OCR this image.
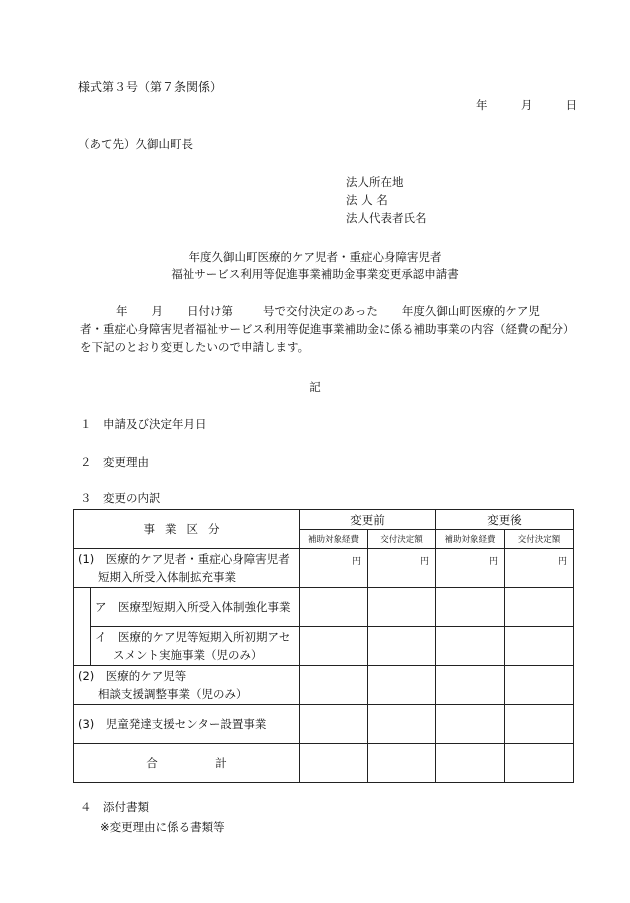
様式第３号（第７条関係）
年	月	日
（あて先）久御山町長
法人所在地
法 人 名
法人代表者氏名
年度久御山町医療的ケア児者・重症心身障害児者
福祉サービス利用等促進事業補助金事業変更承認申請書
年 月 日付け第	号で交付決定のあった 年度久御山町医療的ケア児
者・重症心身障害児者福祉サービス利用等促進事業補助金に係る補助事業の内容（経費の配分）
を下記のとおり変更したいので申請します。
記
１　申請及び決定年月日
２　変更理由
３　変更の内訳
事業区分		変更前		変更後	
		補助対象経費	交付決定額	補助対象経費	交付決定額

(1)　医療的ケア児者・重症心身障害児者
短期入所受入体制拡充事業		円	円	円	円

	ア　医療型短期入所受入体制強化事業				

	イ　医療的ケア児等短期入所初期アセ
スメント実施事業（児のみ）				

(2)　医療的ケア児等
相談支援調整事業（児のみ）					

(3)　児童発達支援センター設置事業					

合　　　　　計					
４　添付書類
※変更理由に係る書類等
